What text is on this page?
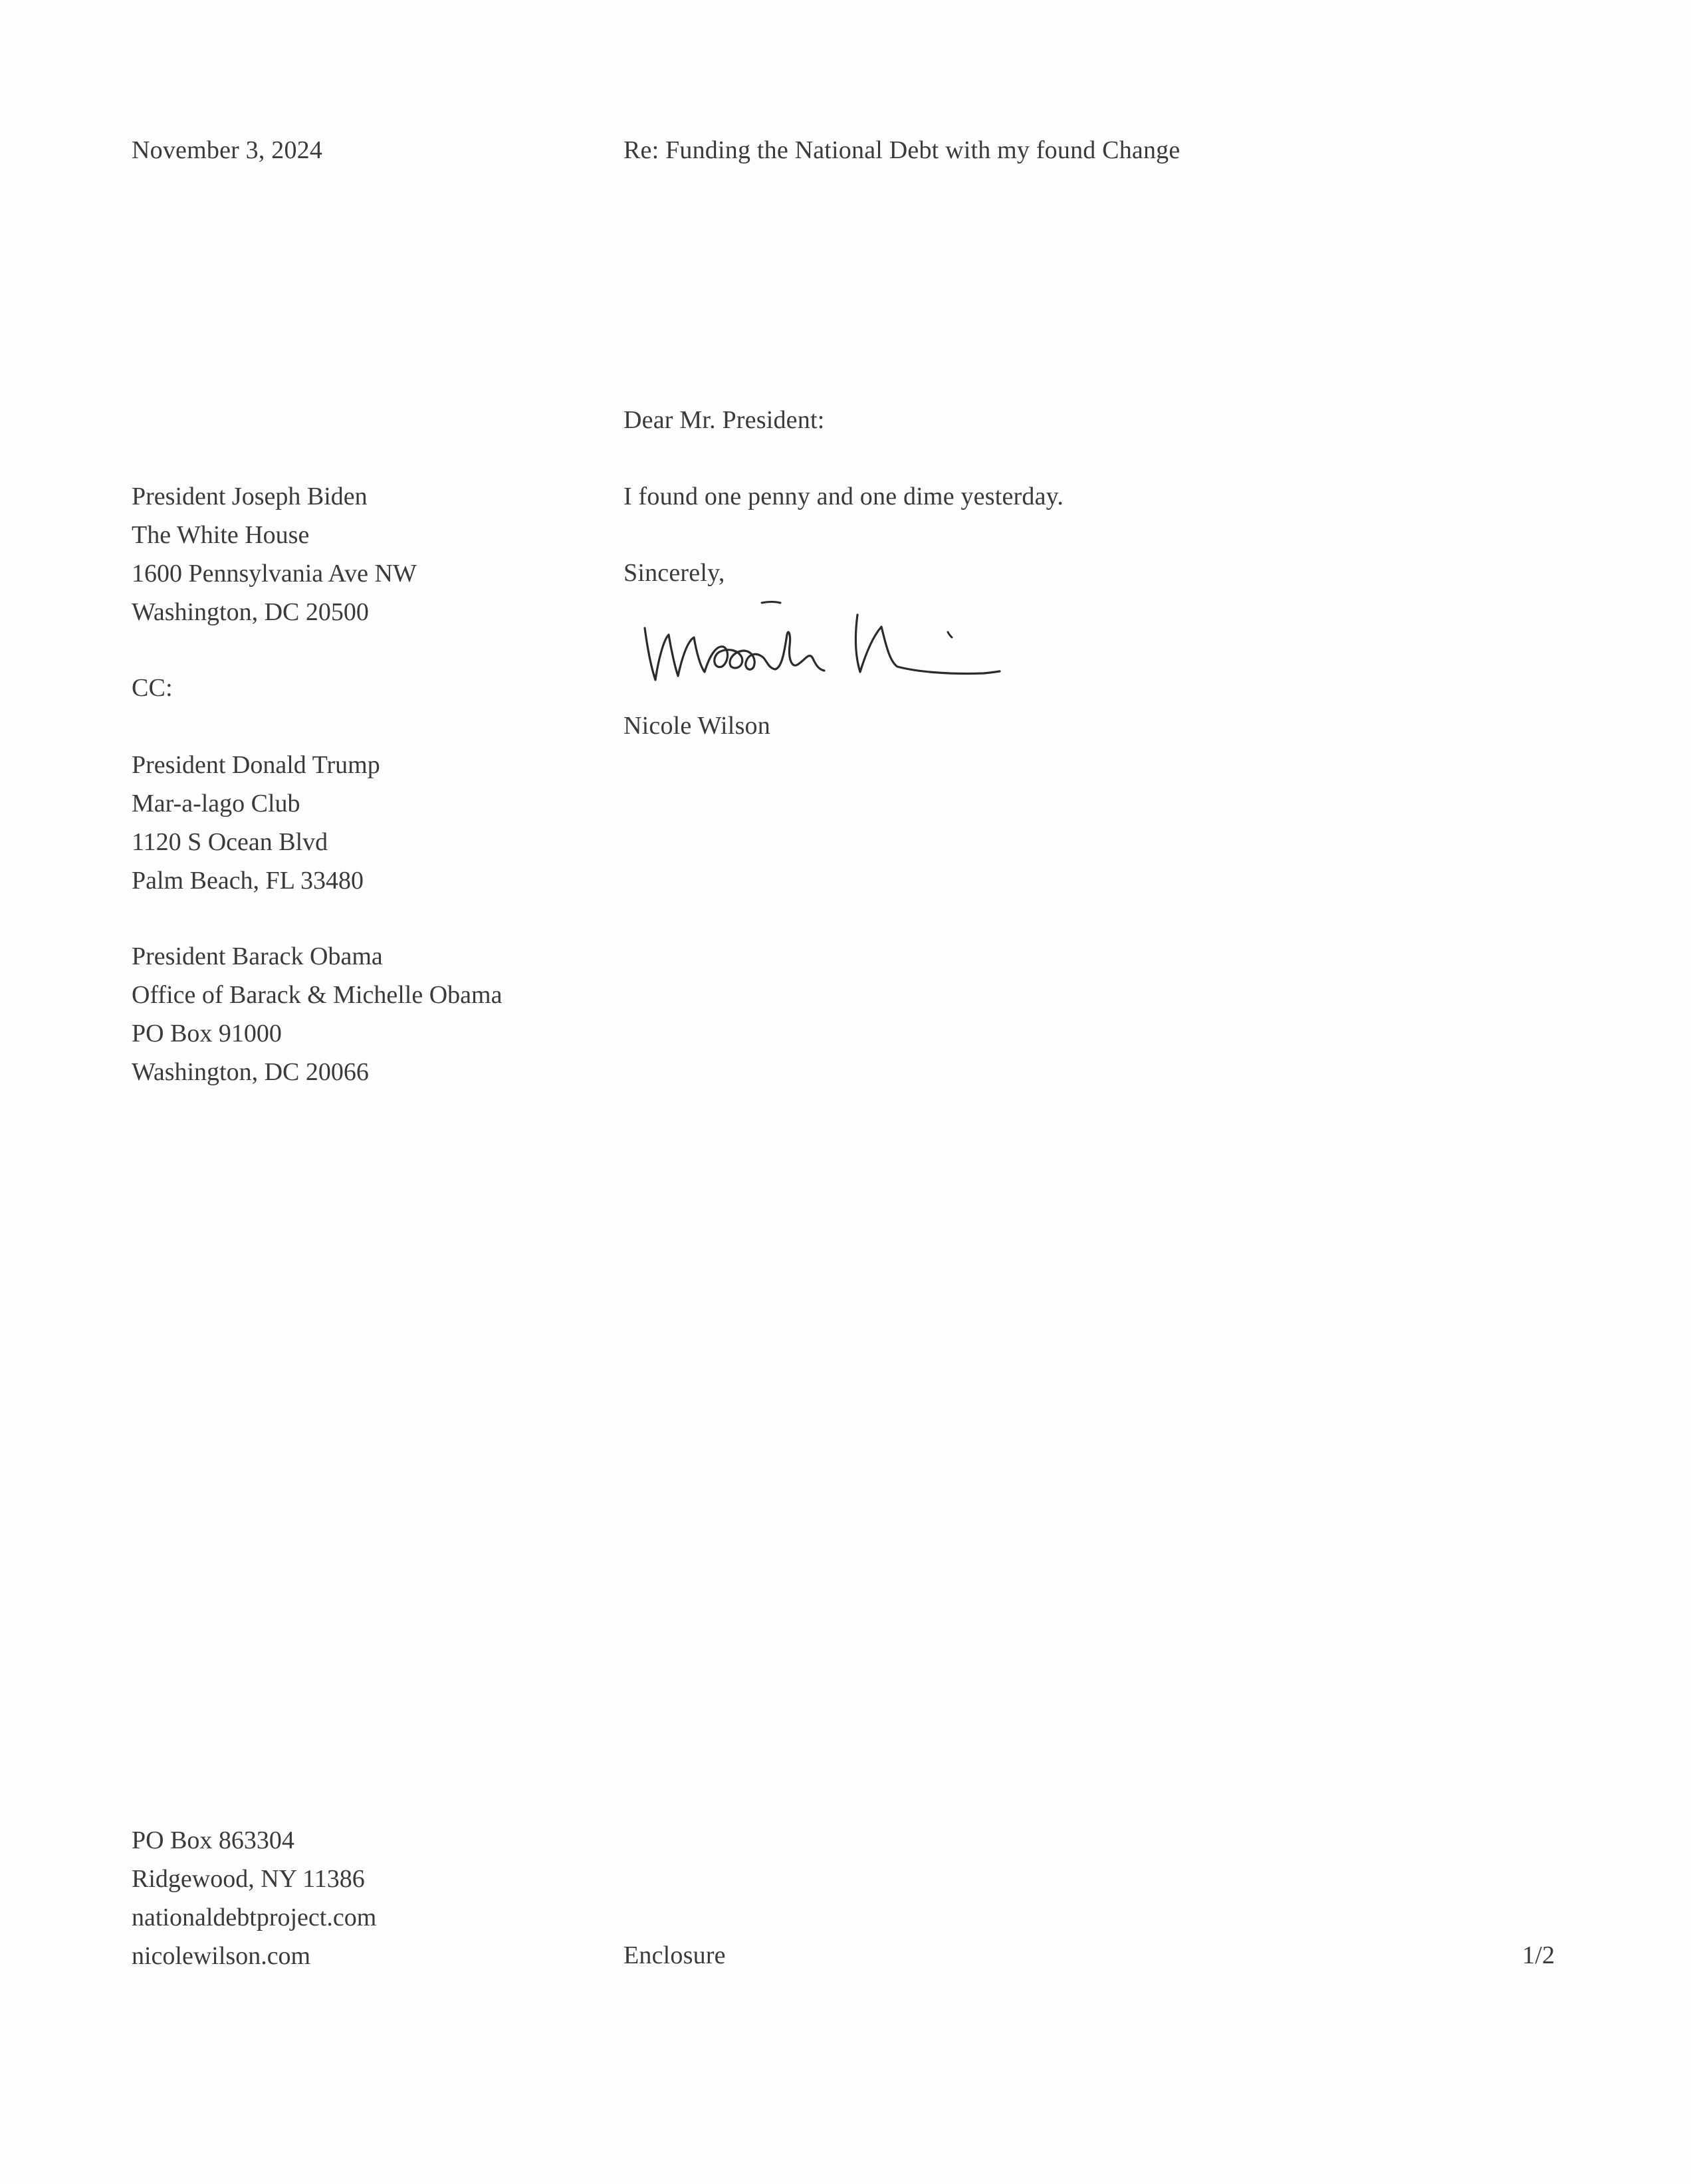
November 3, 2024	Re: Funding the National Debt with my found Change
Dear Mr. President:
President Joseph Biden
The White House
1600 Pennsylvania Ave NW
Washington, DC 20500
I found one penny and one dime yesterday.
Sincerely,
CC:
Nicole Wilson
President Donald Trump
Mar-a-lago Club
1120 S Ocean Blvd
Palm Beach, FL 33480
President Barack Obama
Office of Barack & Michelle Obama
PO Box 91000
Washington, DC 20066
PO Box 863304
Ridgewood, NY 11386
nationaldebtproject.com
nicolewilson.com	Enclosure	1/2
